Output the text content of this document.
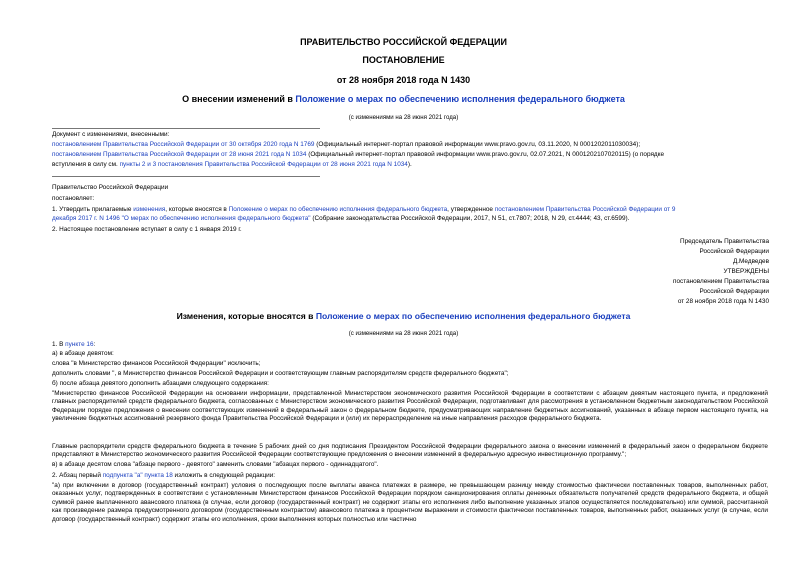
ПРАВИТЕЛЬСТВО РОССИЙСКОЙ ФЕДЕРАЦИИ
ПОСТАНОВЛЕНИЕ
от 28 ноября 2018 года N 1430
О внесении изменений в Положение о мерах по обеспечению исполнения федерального бюджета
(с изменениями на 28 июня 2021 года)
Документ с изменениями, внесенными:
постановлением Правительства Российской Федерации от 30 октября 2020 года N 1769 (Официальный интернет-портал правовой информации www.pravo.gov.ru, 03.11.2020, N 0001202011030034);
постановлением Правительства Российской Федерации от 28 июня 2021 года N 1034 (Официальный интернет-портал правовой информации www.pravo.gov.ru, 02.07.2021, N 0001202107020115) (о порядке
вступления в силу см. пункты 2 и 3 постановления Правительства Российской Федерации от 28 июня 2021 года N 1034).
Правительство Российской Федерации
постановляет:
1. Утвердить прилагаемые изменения, которые вносятся в Положение о мерах по обеспечению исполнения федерального бюджета, утвержденное постановлением Правительства Российской Федерации от 9
декабря 2017 г. N 1496 "О мерах по обеспечению исполнения федерального бюджета" (Собрание законодательства Российской Федерации, 2017, N 51, ст.7807; 2018, N 29, ст.4444; 43, ст.6599).
2. Настоящее постановление вступает в силу с 1 января 2019 г.
Председатель Правительства
Российской Федерации
Д.Медведев
УТВЕРЖДЕНЫ
постановлением Правительства
Российской Федерации
от 28 ноября 2018 года N 1430
Изменения, которые вносятся в Положение о мерах по обеспечению исполнения федерального бюджета
(с изменениями на 28 июня 2021 года)
1. В пункте 16:
а) в абзаце девятом:
слова "в Министерство финансов Российской Федерации" исключить;
дополнить словами ", в Министерство финансов Российской Федерации и соответствующим главным распорядителям средств федерального бюджета";
б) после абзаца девятого дополнить абзацами следующего содержания:
"Министерство финансов Российской Федерации на основании информации, представленной Министерством экономического развития Российской Федерации в соответствии с абзацем девятым настоящего пункта, и предложений главных распорядителей средств федерального бюджета, согласованных с Министерством экономического развития Российской Федерации, подготавливает для рассмотрения в установленном бюджетным законодательством Российской Федерации порядке предложения о внесении соответствующих изменений в федеральный закон о федеральном бюджете, предусматривающих направление бюджетных ассигнований, указанных в абзаце первом настоящего пункта, на увеличение бюджетных ассигнований резервного фонда Правительства Российской Федерации и (или) их перераспределение на иные направления расходов федерального бюджета.
Главные распорядители средств федерального бюджета в течение 5 рабочих дней со дня подписания Президентом Российской Федерации федерального закона о внесении изменений в федеральный закон о федеральном бюджете представляют в Министерство экономического развития Российской Федерации соответствующие предложения о внесении изменений в федеральную адресную инвестиционную программу.";
в) в абзаце десятом слова "абзаце первого - девятого" заменить словами "абзацах первого - одиннадцатого".
2. Абзац первый подпункта "а" пункта 18 изложить в следующей редакции:
"а) при включении в договор (государственный контракт) условия о последующих после выплаты аванса платежах в размере, не превышающем разницу между стоимостью фактически поставленных товаров, выполненных работ, оказанных услуг, подтвержденных в соответствии с установленным Министерством финансов Российской Федерации порядком санкционирования оплаты денежных обязательств получателей средств федерального бюджета, и общей суммой ранее выплаченного авансового платежа (в случае, если договор (государственный контракт) не содержит этапы его исполнения либо выполнение указанных этапов осуществляется последовательно) или суммой, рассчитанной как произведение размера предусмотренного договором (государственным контрактом) авансового платежа в процентном выражении и стоимости фактически поставленных товаров, выполненных работ, оказанных услуг (в случае, если договор (государственный контракт) содержит этапы его исполнения, сроки выполнения которых полностью или частично
